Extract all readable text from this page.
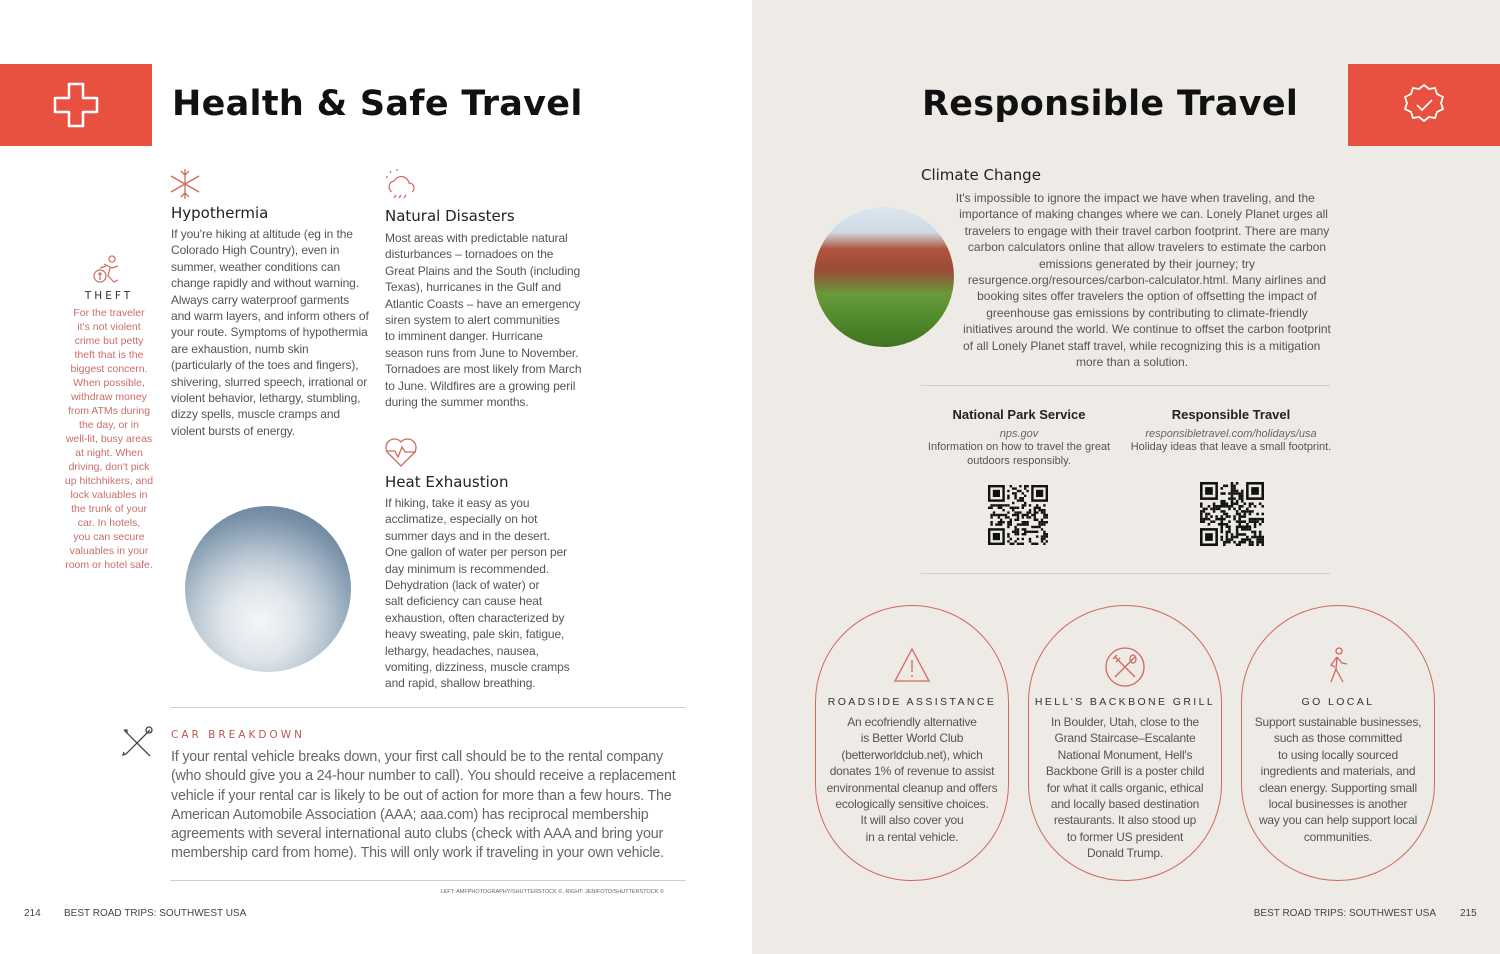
Health & Safe Travel
Hypothermia
If you're hiking at altitude (eg in the
Colorado High Country), even in
summer, weather conditions can
change rapidly and without warning.
Always carry waterproof garments
and warm layers, and inform others of
your route. Symptoms of hypothermia
are exhaustion, numb skin
(particularly of the toes and fingers),
shivering, slurred speech, irrational or
violent behavior, lethargy, stumbling,
dizzy spells, muscle cramps and
violent bursts of energy.
THEFT
For the traveler
it's not violent
crime but petty
theft that is the
biggest concern.
When possible,
withdraw money
from ATMs during
the day, or in
well-lit, busy areas
at night. When
driving, don't pick
up hitchhikers, and
lock valuables in
the trunk of your
car. In hotels,
you can secure
valuables in your
room or hotel safe.
Natural Disasters
Most areas with predictable natural
disturbances – tornadoes on the
Great Plains and the South (including
Texas), hurricanes in the Gulf and
Atlantic Coasts – have an emergency
siren system to alert communities
to imminent danger. Hurricane
season runs from June to November.
Tornadoes are most likely from March
to June. Wildfires are a growing peril
during the summer months.
Heat Exhaustion
If hiking, take it easy as you
acclimatize, especially on hot
summer days and in the desert.
One gallon of water per person per
day minimum is recommended.
Dehydration (lack of water) or
salt deficiency can cause heat
exhaustion, often characterized by
heavy sweating, pale skin, fatigue,
lethargy, headaches, nausea,
vomiting, dizziness, muscle cramps
and rapid, shallow breathing.
CAR BREAKDOWN
If your rental vehicle breaks down, your first call should be to the rental company
(who should give you a 24-hour number to call). You should receive a replacement
vehicle if your rental car is likely to be out of action for more than a few hours. The
American Automobile Association (AAA; aaa.com) has reciprocal membership
agreements with several international auto clubs (check with AAA and bring your
membership card from home). This will only work if traveling in your own vehicle.
LEFT: AMFPHOTOGRAPHY/SHUTTERSTOCK ©, RIGHT: JENIFOTO/SHUTTERSTOCK ©
214 BEST ROAD TRIPS: SOUTHWEST USA
Responsible Travel
Climate Change
It's impossible to ignore the impact we have when traveling, and the importance of making changes where we can. Lonely Planet urges all travelers to engage with their travel carbon footprint. There are many carbon calculators online that allow travelers to estimate the carbon emissions generated by their journey; try resurgence.org/resources/carbon-calculator.html. Many airlines and booking sites offer travelers the option of offsetting the impact of greenhouse gas emissions by contributing to climate-friendly initiatives around the world. We continue to offset the carbon footprint of all Lonely Planet staff travel, while recognizing this is a mitigation more than a solution.
National Park Service
nps.gov
Information on how to travel the great
outdoors responsibly.
Responsible Travel
responsibletravel.com/holidays/usa
Holiday ideas that leave a small footprint.
ROADSIDE ASSISTANCE
An ecofriendly alternative
is Better World Club
(betterworldclub.net), which
donates 1% of revenue to assist
environmental cleanup and offers
ecologically sensitive choices.
It will also cover you
in a rental vehicle.
HELL'S BACKBONE GRILL
In Boulder, Utah, close to the
Grand Staircase–Escalante
National Monument, Hell's
Backbone Grill is a poster child
for what it calls organic, ethical
and locally based destination
restaurants. It also stood up
to former US president
Donald Trump.
GO LOCAL
Support sustainable businesses,
such as those committed
to using locally sourced
ingredients and materials, and
clean energy. Supporting small
local businesses is another
way you can help support local
communities.
BEST ROAD TRIPS: SOUTHWEST USA 215
